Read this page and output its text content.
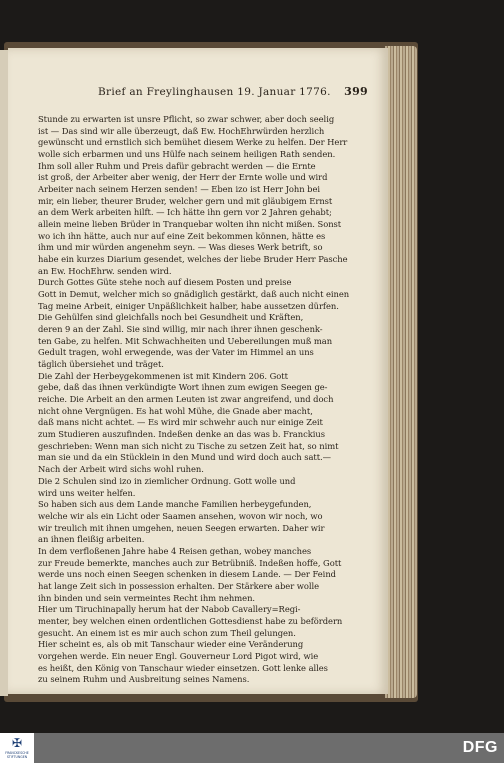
Brief an Freylinghausen 19. Januar 1776. 399
Stunde zu erwarten ist unsre Pflicht, so zwar schwer, aber doch seelig
ist — Das sind wir alle überzeugt, daß Ew. HochEhrwürden herzlich
gewünscht und ernstlich sich bemühet diesem Werke zu helfen. Der Herr
wolle sich erbarmen und uns Hülfe nach seinem heiligen Rath senden.
Ihm soll aller Ruhm und Preis dafür gebracht werden — die Ernte
ist groß, der Arbeiter aber wenig, der Herr der Ernte wolle und wird
Arbeiter nach seinem Herzen senden! — Eben izo ist Herr John bei
mir, ein lieber, theurer Bruder, welcher gern und mit gläubigem Ernst
an dem Werk arbeiten hilft. — Ich hätte ihn gern vor 2 Jahren gehabt;
allein meine lieben Brüder in Tranquebar wolten ihn nicht mißen. Sonst
wo ich ihn hätte, auch nur auf eine Zeit bekommen können, hätte es
ihm und mir würden angenehm seyn. — Was dieses Werk betrift, so
habe ein kurzes Diarium gesendet, welches der liebe Bruder Herr Pasche
an Ew. HochEhrw. senden wird.
Durch Gottes Güte stehe noch auf diesem Posten und preise
Gott in Demut, welcher mich so gnädiglich gestärkt, daß auch nicht einen
Tag meine Arbeit, einiger Unpäßlichkeit halber, habe aussetzen dürfen.
Die Gehülfen sind gleichfalls noch bei Gesundheit und Kräften,
deren 9 an der Zahl. Sie sind willig, mir nach ihrer ihnen geschenk-
ten Gabe, zu helfen. Mit Schwachheiten und Uebereilungen muß man
Gedult tragen, wohl erwegende, was der Vater im Himmel an uns
täglich übersiehet und träget.
Die Zahl der Herbeygekommenen ist mit Kindern 206. Gott
gebe, daß das ihnen verkündigte Wort ihnen zum ewigen Seegen ge-
reiche. Die Arbeit an den armen Leuten ist zwar angreifend, und doch
nicht ohne Vergnügen. Es hat wohl Mühe, die Gnade aber macht,
daß mans nicht achtet. — Es wird mir schwehr auch nur einige Zeit
zum Studieren auszufinden. Indeßen denke an das was b. Franckius
geschrieben: Wenn man sich nicht zu Tische zu setzen Zeit hat, so nimt
man sie und da ein Stücklein in den Mund und wird doch auch satt.—
Nach der Arbeit wird sichs wohl ruhen.
Die 2 Schulen sind izo in ziemlicher Ordnung. Gott wolle und
wird uns weiter helfen.
So haben sich aus dem Lande manche Familien herbeygefunden,
welche wir als ein Licht oder Saamen ansehen, wovon wir noch, wo
wir treulich mit ihnen umgehen, neuen Seegen erwarten. Daher wir
an ihnen fleißig arbeiten.
In dem verfloßenen Jahre habe 4 Reisen gethan, wobey manches
zur Freude bemerkte, manches auch zur Betrübniß. Indeßen hoffe, Gott
werde uns noch einen Seegen schenken in diesem Lande. — Der Feind
hat lange Zeit sich in possession erhalten. Der Stärkere aber wolle
ihn binden und sein vermeintes Recht ihm nehmen.
Hier um Tiruchinapally herum hat der Nabob Cavallery=Regi-
menter, bey welchen einen ordentlichen Gottesdienst habe zu befördern
gesucht. An einem ist es mir auch schon zum Theil gelungen.
Hier scheint es, als ob mit Tanschaur wieder eine Veränderung
vorgehen werde. Ein neuer Engl. Gouverneur Lord Pigot wird, wie
es heißt, den König von Tanschaur wieder einsetzen. Gott lenke alles
zu seinem Ruhm und Ausbreitung seines Namens.
✠
FRANCKESCHE STIFTUNGEN
DFG
